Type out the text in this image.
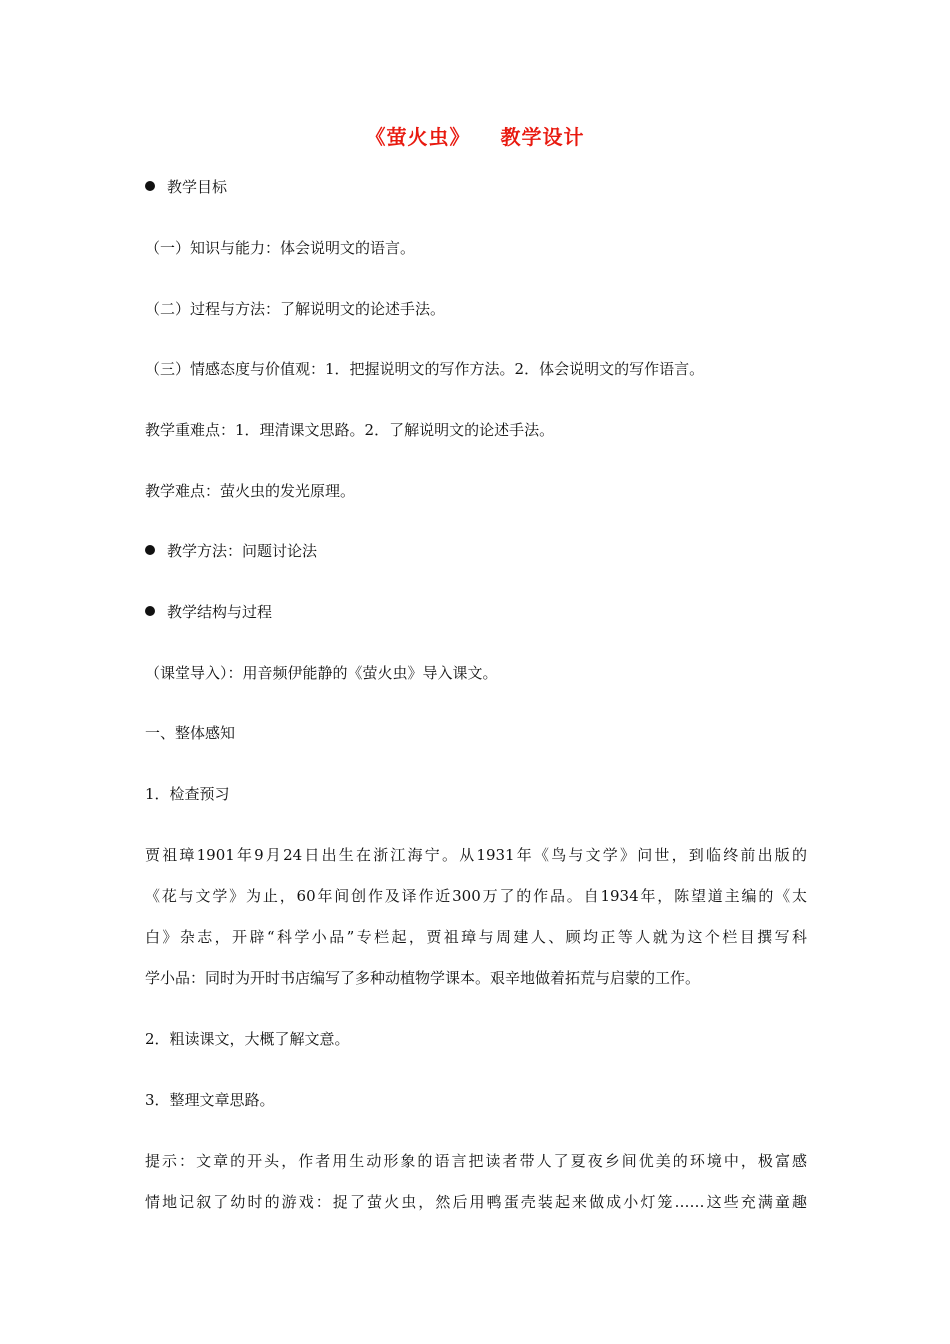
《萤火虫》 教学设计
教学目标
（一）知识与能力：体会说明文的语言。
（二）过程与方法：了解说明文的论述手法。
（三）情感态度与价值观：1．把握说明文的写作方法。2．体会说明文的写作语言。
教学重难点：1．理清课文思路。2．了解说明文的论述手法。
教学难点：萤火虫的发光原理。
教学方法：问题讨论法
教学结构与过程
（课堂导入）：用音频伊能静的《萤火虫》导入课文。
一、整体感知
1．检查预习
贾祖璋1901年9月24日出生在浙江海宁。从1931年《鸟与文学》问世，到临终前出版的
《花与文学》为止，60年间创作及译作近300万了的作品。自1934年，陈望道主编的《太
白》杂志，开辟“科学小品”专栏起，贾祖璋与周建人、顾均正等人就为这个栏目撰写科
学小品：同时为开时书店编写了多种动植物学课本。艰辛地做着拓荒与启蒙的工作。
2．粗读课文，大概了解文意。
3．整理文章思路。
提示：文章的开头，作者用生动形象的语言把读者带人了夏夜乡间优美的环境中，极富感
情地记叙了幼时的游戏：捉了萤火虫，然后用鸭蛋壳装起来做成小灯笼……这些充满童趣
